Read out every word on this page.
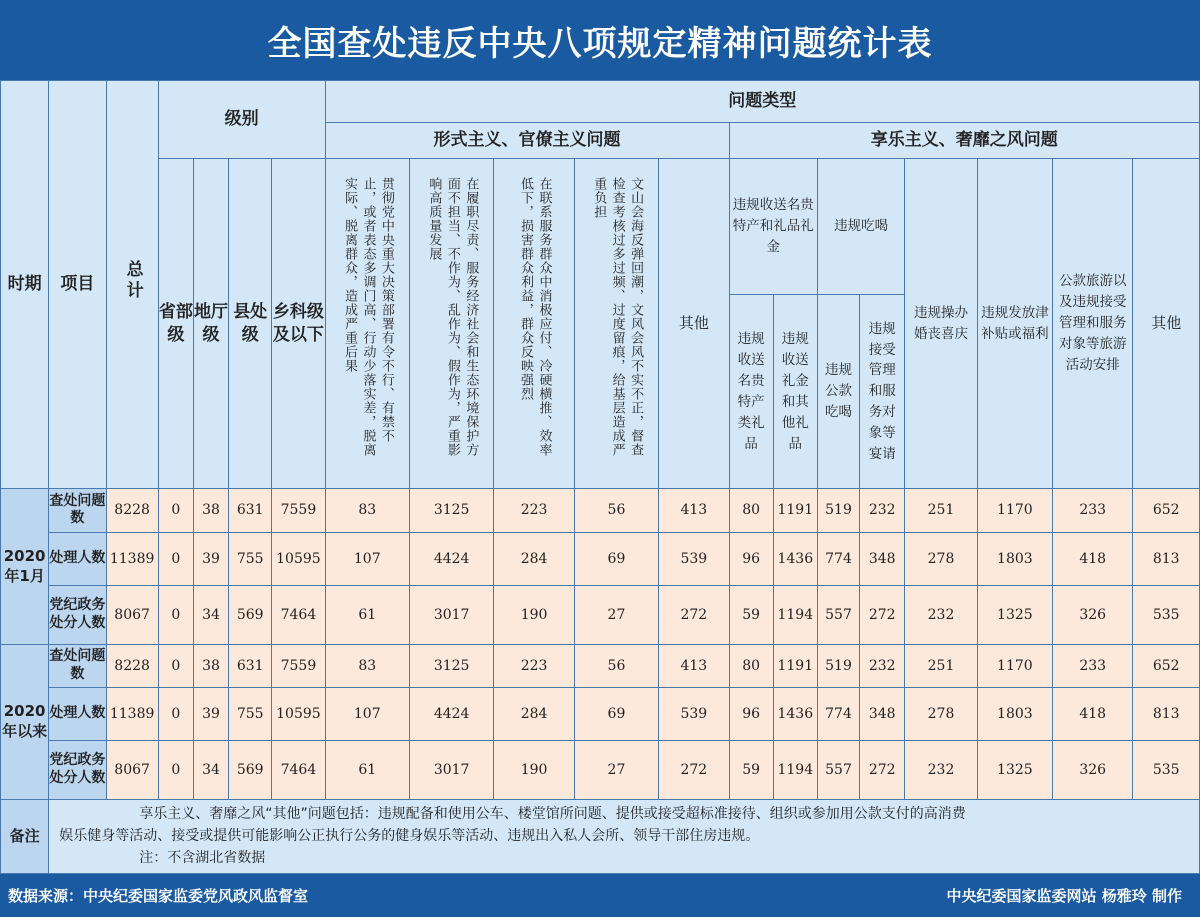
全国查处违反中央八项规定精神问题统计表
时期	项目	总计	级别				问题类型												
							形式主义、官僚主义问题					享乐主义、奢靡之风问题							
			省部级	地厅级	县处级	乡科级及以下	贯彻党中央重大决策部署有令不行、有禁不止，或者表态多调门高、行动少落实差，脱离实际、脱离群众，造成严重后果	在履职尽责、服务经济社会和生态环境保护方面不担当、不作为、乱作为、假作为，严重影响高质量发展	在联系服务群众中消极应付、冷硬横推、效率低下，损害群众利益，群众反映强烈	文山会海反弹回潮，文风会风不实不正，督查检查考核过多过频、过度留痕，给基层造成严重负担	其他	违规收送名贵特产和礼品礼金		违规吃喝		违规操办婚丧喜庆	违规发放津补贴或福利	公款旅游以及违规接受管理和服务对象等旅游活动安排	其他
												违规收送名贵特产类礼品	违规收送礼金和其他礼品	违规公款吃喝	违规接受管理和服务对象等宴请				

2020年1月	查处问题数	8228	0	38	631	7559	83	3125	223	56	413	80	1191	519	232	251	1170	233	652
	处理人数	11389	0	39	755	10595	107	4424	284	69	539	96	1436	774	348	278	1803	418	813
	党纪政务处分人数	8067	0	34	569	7464	61	3017	190	27	272	59	1194	557	272	232	1325	326	535
2020年以来	查处问题数	8228	0	38	631	7559	83	3125	223	56	413	80	1191	519	232	251	1170	233	652
	处理人数	11389	0	39	755	10595	107	4424	284	69	539	96	1436	774	348	278	1803	418	813
	党纪政务处分人数	8067	0	34	569	7464	61	3017	190	27	272	59	1194	557	272	232	1325	326	535
备注	享乐主义、奢靡之风“其他”问题包括：违规配备和使用公车、楼堂馆所问题、提供或接受超标准接待、组织或参加用公款支付的高消费
娱乐健身等活动、接受或提供可能影响公正执行公务的健身娱乐等活动、违规出入私人会所、领导干部住房违规。
注：不含湖北省数据																		
数据来源：中央纪委国家监委党风政风监督室	中央纪委国家监委网站 杨雅玲 制作
